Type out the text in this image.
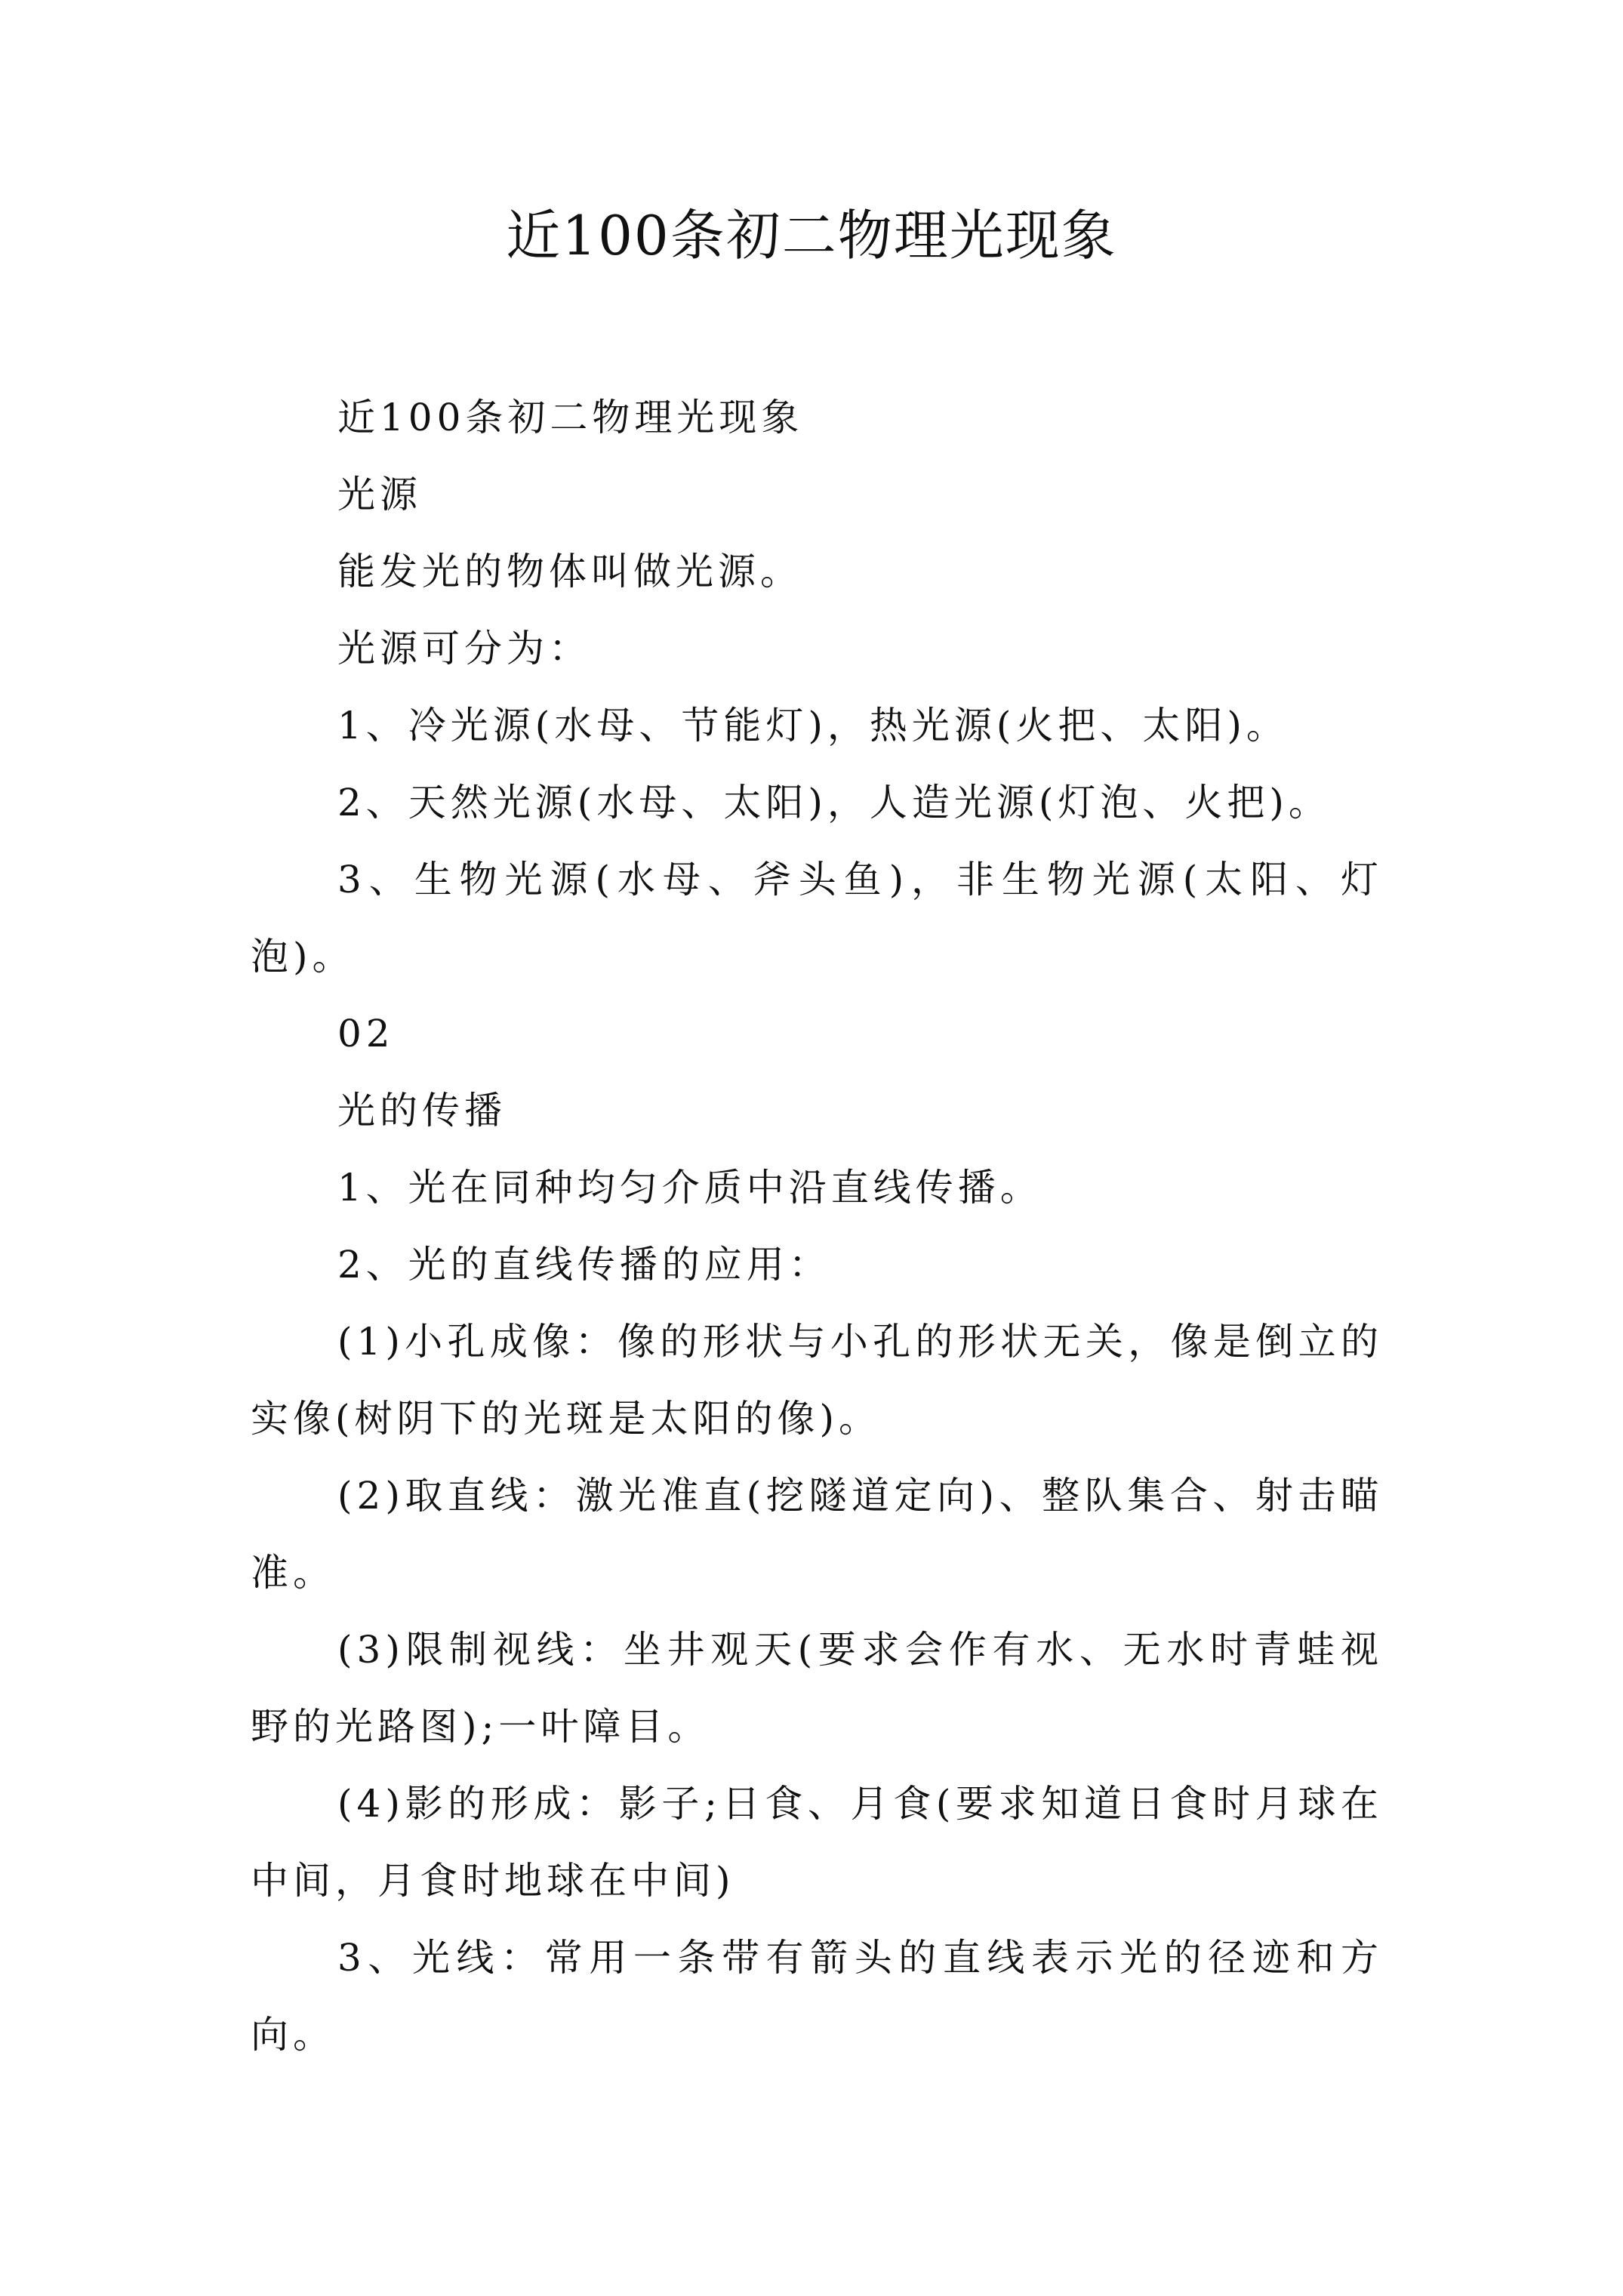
近100条初二物理光现象

近100条初二物理光现象

光源

能发光的物体叫做光源。

光源可分为：

1、冷光源(水母、节能灯)，热光源(火把、太阳)。

2、天然光源(水母、太阳)，人造光源(灯泡、火把)。

3、生物光源(水母、斧头鱼)，非生物光源(太阳、灯泡)。

02

光的传播

1、光在同种均匀介质中沿直线传播。

2、光的直线传播的应用：

(1)小孔成像：像的形状与小孔的形状无关，像是倒立的实像(树阴下的光斑是太阳的像)。

(2)取直线：激光准直(挖隧道定向)、整队集合、射击瞄准。

(3)限制视线：坐井观天(要求会作有水、无水时青蛙视野的光路图);一叶障目。

(4)影的形成：影子;日食、月食(要求知道日食时月球在中间，月食时地球在中间)

3、光线：常用一条带有箭头的直线表示光的径迹和方向。
